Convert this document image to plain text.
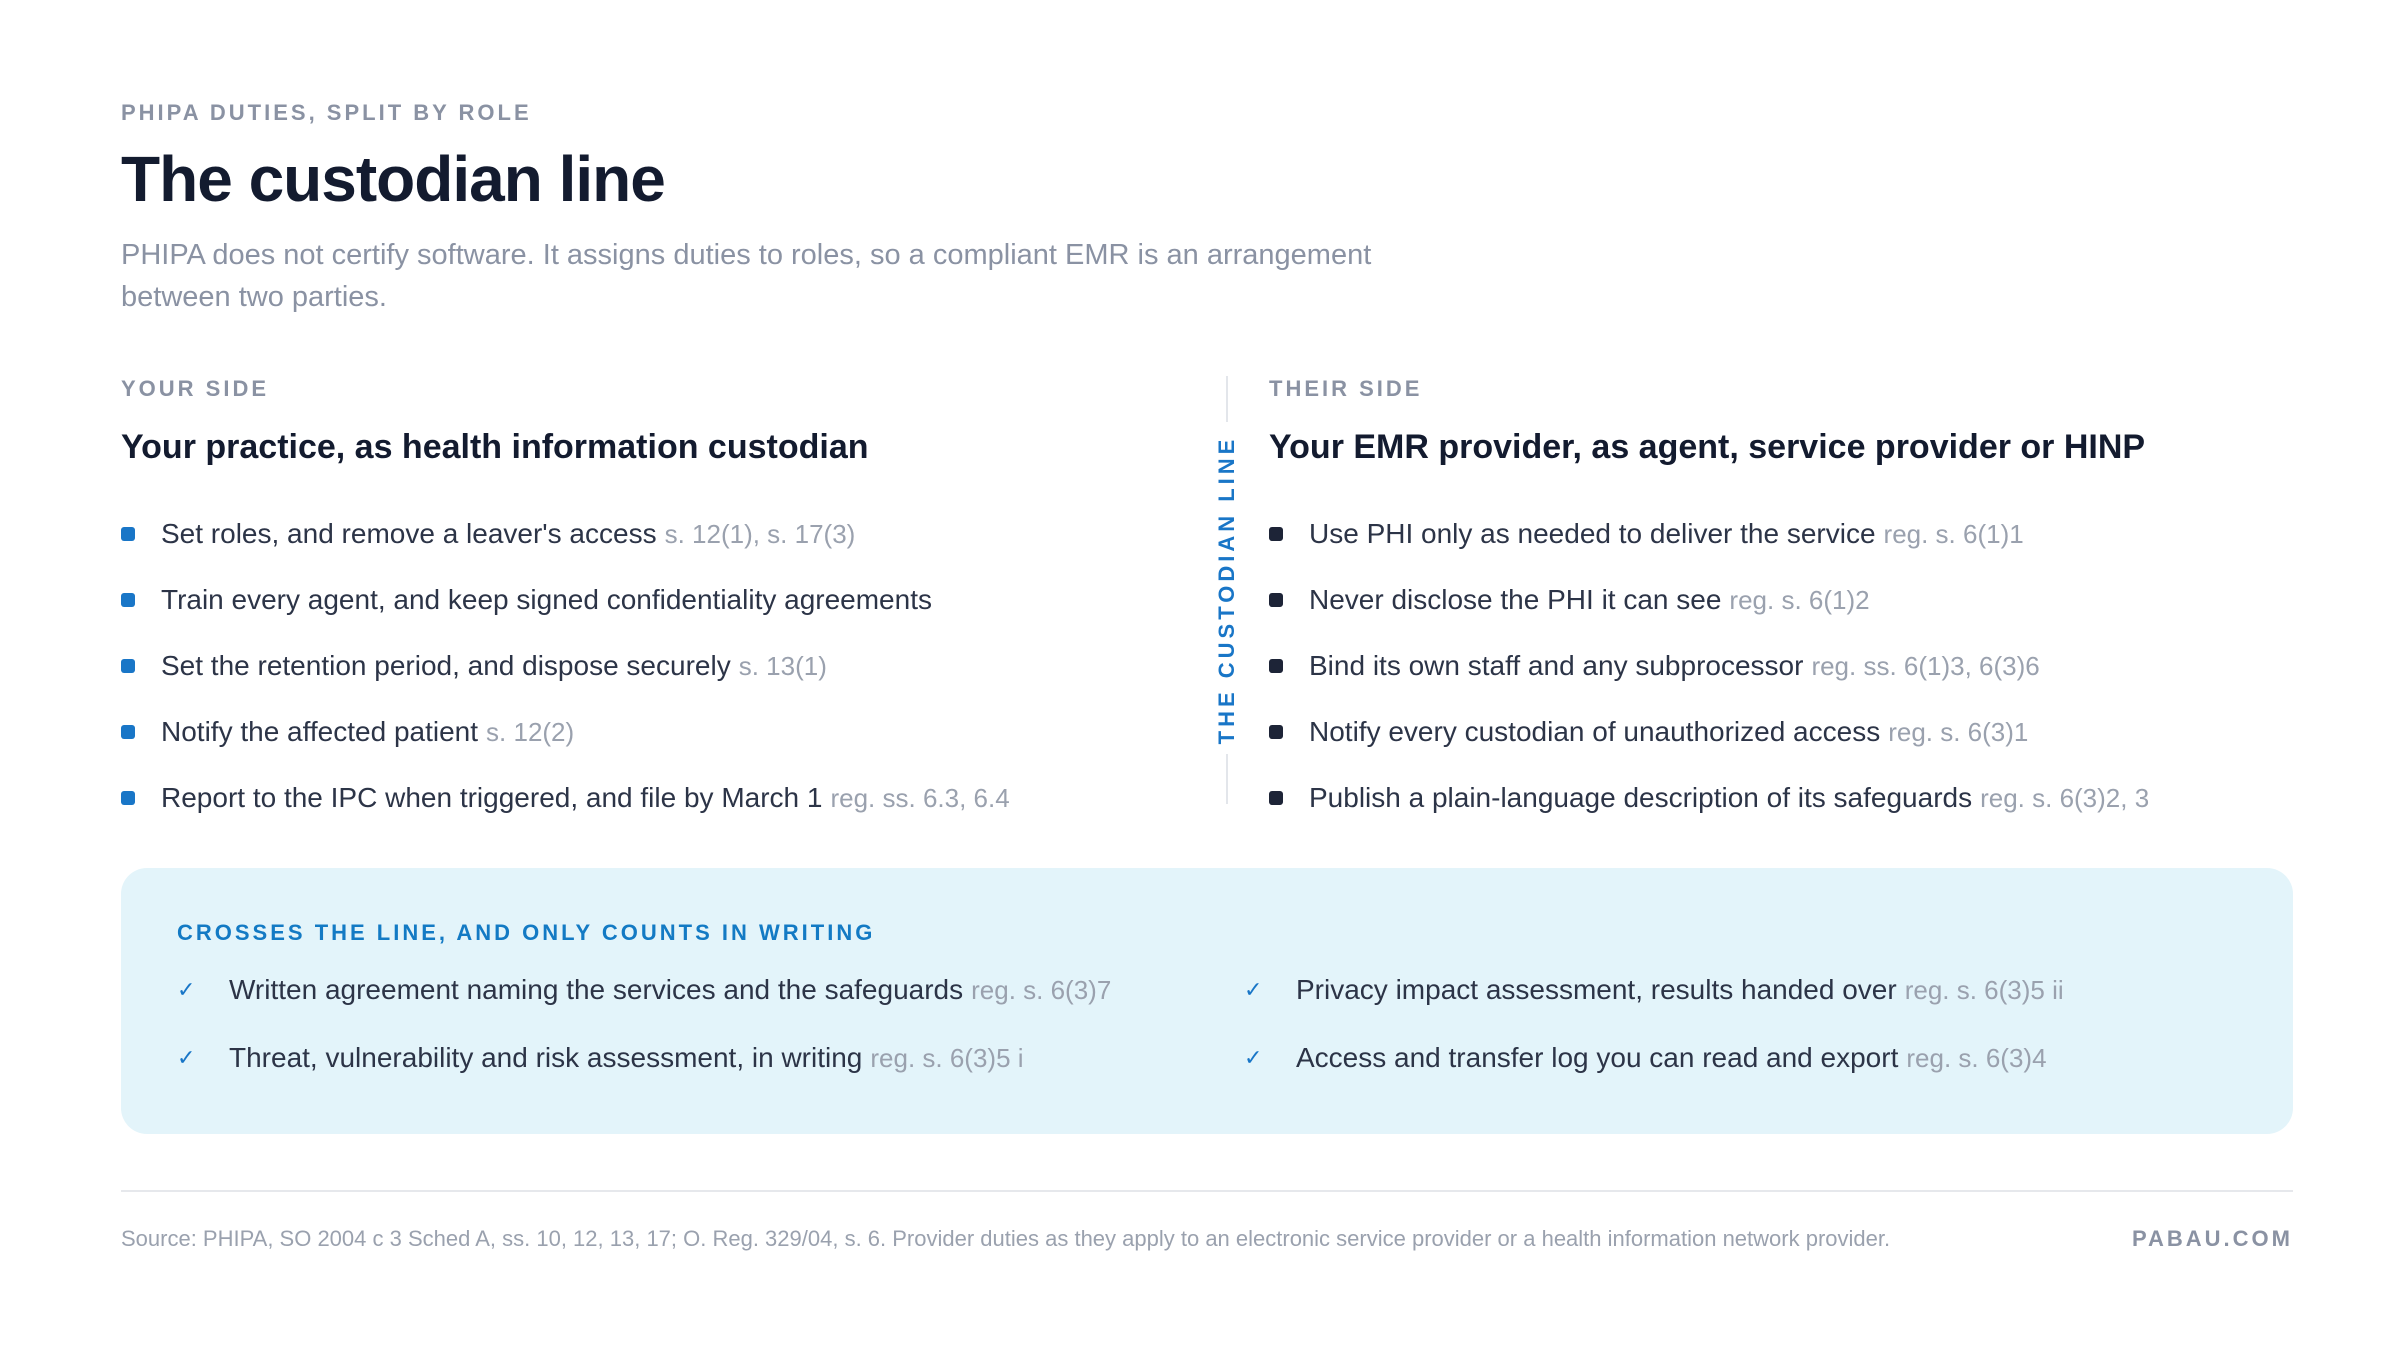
PHIPA DUTIES, SPLIT BY ROLE
The custodian line

PHIPA does not certify software. It assigns duties to roles, so a compliant EMR is an arrangement between two parties.

YOUR SIDE
Your practice, as health information custodian
Set roles, and remove a leaver's access s. 12(1), s. 17(3)
Train every agent, and keep signed confidentiality agreements
Set the retention period, and dispose securely s. 13(1)
Notify the affected patient s. 12(2)
Report to the IPC when triggered, and file by March 1 reg. ss. 6.3, 6.4
THE CUSTODIAN LINE
THEIR SIDE
Your EMR provider, as agent, service provider or HINP
Use PHI only as needed to deliver the service reg. s. 6(1)1
Never disclose the PHI it can see reg. s. 6(1)2
Bind its own staff and any subprocessor reg. ss. 6(1)3, 6(3)6
Notify every custodian of unauthorized access reg. s. 6(3)1
Publish a plain-language description of its safeguards reg. s. 6(3)2, 3
CROSSES THE LINE, AND ONLY COUNTS IN WRITING
✓ Written agreement naming the services and the safeguards reg. s. 6(3)7	✓ Privacy impact assessment, results handed over reg. s. 6(3)5 ii
✓ Threat, vulnerability and risk assessment, in writing reg. s. 6(3)5 i	✓ Access and transfer log you can read and export reg. s. 6(3)4
Source: PHIPA, SO 2004 c 3 Sched A, ss. 10, 12, 13, 17; O. Reg. 329/04, s. 6. Provider duties as they apply to an electronic service provider or a health information network provider.	PABAU.COM
